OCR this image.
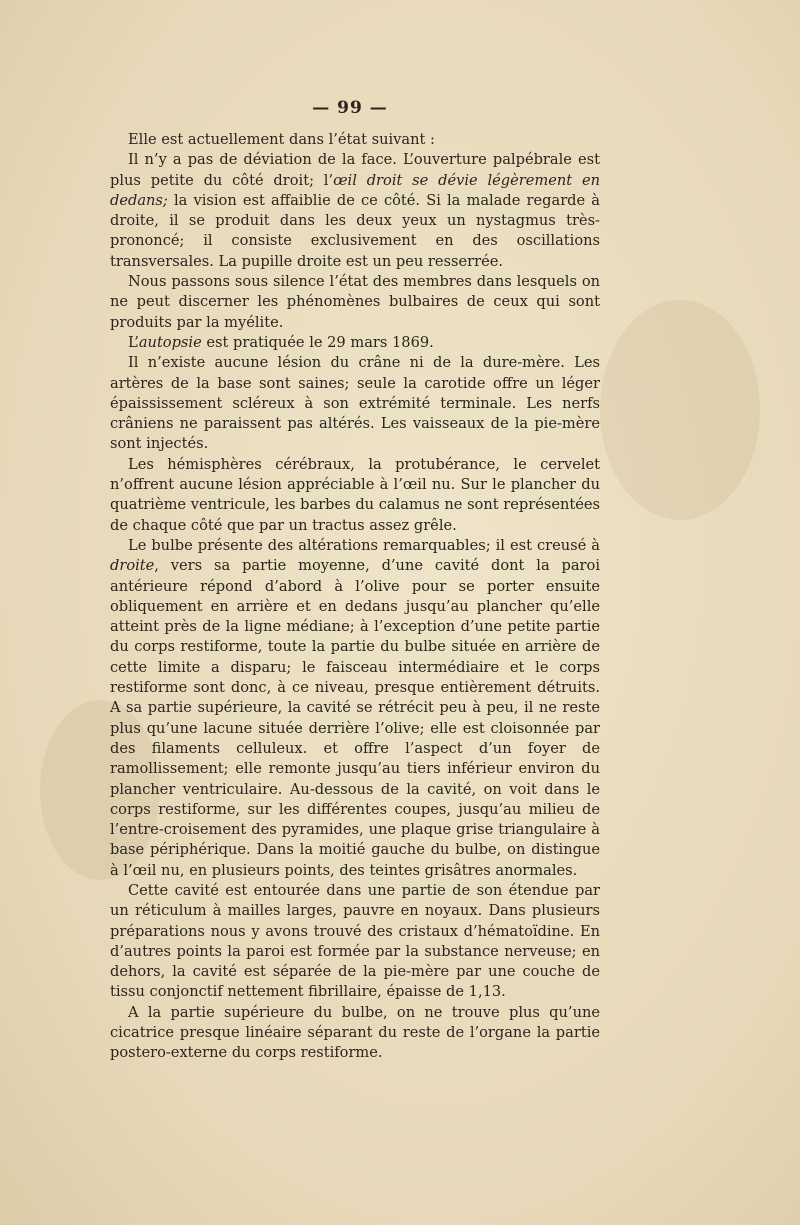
— 99 —

Elle est actuellement dans l’état suivant :

Il n’y a pas de déviation de la face. L’ouverture palpébrale est plus petite du côté droit; l’œil droit se dévie légèrement en dedans; la vision est affaiblie de ce côté. Si la malade regarde à droite, il se produit dans les deux yeux un nystagmus très-prononcé; il consiste exclusivement en des oscillations transversales. La pupille droite est un peu resserrée.

Nous passons sous silence l’état des membres dans lesquels on ne peut discerner les phénomènes bulbaires de ceux qui sont produits par la myélite.

L’autopsie est pratiquée le 29 mars 1869.

Il n’existe aucune lésion du crâne ni de la dure-mère. Les artères de la base sont saines; seule la carotide offre un léger épaississement scléreux à son extrémité terminale. Les nerfs crâniens ne paraissent pas altérés. Les vaisseaux de la pie-mère sont injectés.

Les hémisphères cérébraux, la protubérance, le cervelet n’offrent aucune lésion appréciable à l’œil nu. Sur le plancher du quatrième ventricule, les barbes du calamus ne sont représentées de chaque côté que par un tractus assez grêle.

Le bulbe présente des altérations remarquables; il est creusé à droite, vers sa partie moyenne, d’une cavité dont la paroi antérieure répond d’abord à l’olive pour se porter ensuite obliquement en arrière et en dedans jusqu’au plancher qu’elle atteint près de la ligne médiane; à l’exception d’une petite partie du corps restiforme, toute la partie du bulbe située en arrière de cette limite a disparu; le faisceau intermédiaire et le corps restiforme sont donc, à ce niveau, presque entièrement détruits. A sa partie supérieure, la cavité se rétrécit peu à peu, il ne reste plus qu’une lacune située derrière l’olive; elle est cloisonnée par des filaments celluleux. et offre l’aspect d’un foyer de ramollissement; elle remonte jusqu’au tiers inférieur environ du plancher ventriculaire. Au-dessous de la cavité, on voit dans le corps restiforme, sur les différentes coupes, jusqu’au milieu de l’entre-croisement des pyramides, une plaque grise triangulaire à base périphérique. Dans la moitié gauche du bulbe, on distingue à l’œil nu, en plusieurs points, des teintes grisâtres anormales.

Cette cavité est entourée dans une partie de son étendue par un réticulum à mailles larges, pauvre en noyaux. Dans plusieurs préparations nous y avons trouvé des cristaux d’hématoïdine. En d’autres points la paroi est formée par la substance nerveuse; en dehors, la cavité est séparée de la pie-mère par une couche de tissu conjonctif nettement fibrillaire, épaisse de 1,13.

A la partie supérieure du bulbe, on ne trouve plus qu’une cicatrice presque linéaire séparant du reste de l’organe la partie postero-externe du corps restiforme.
